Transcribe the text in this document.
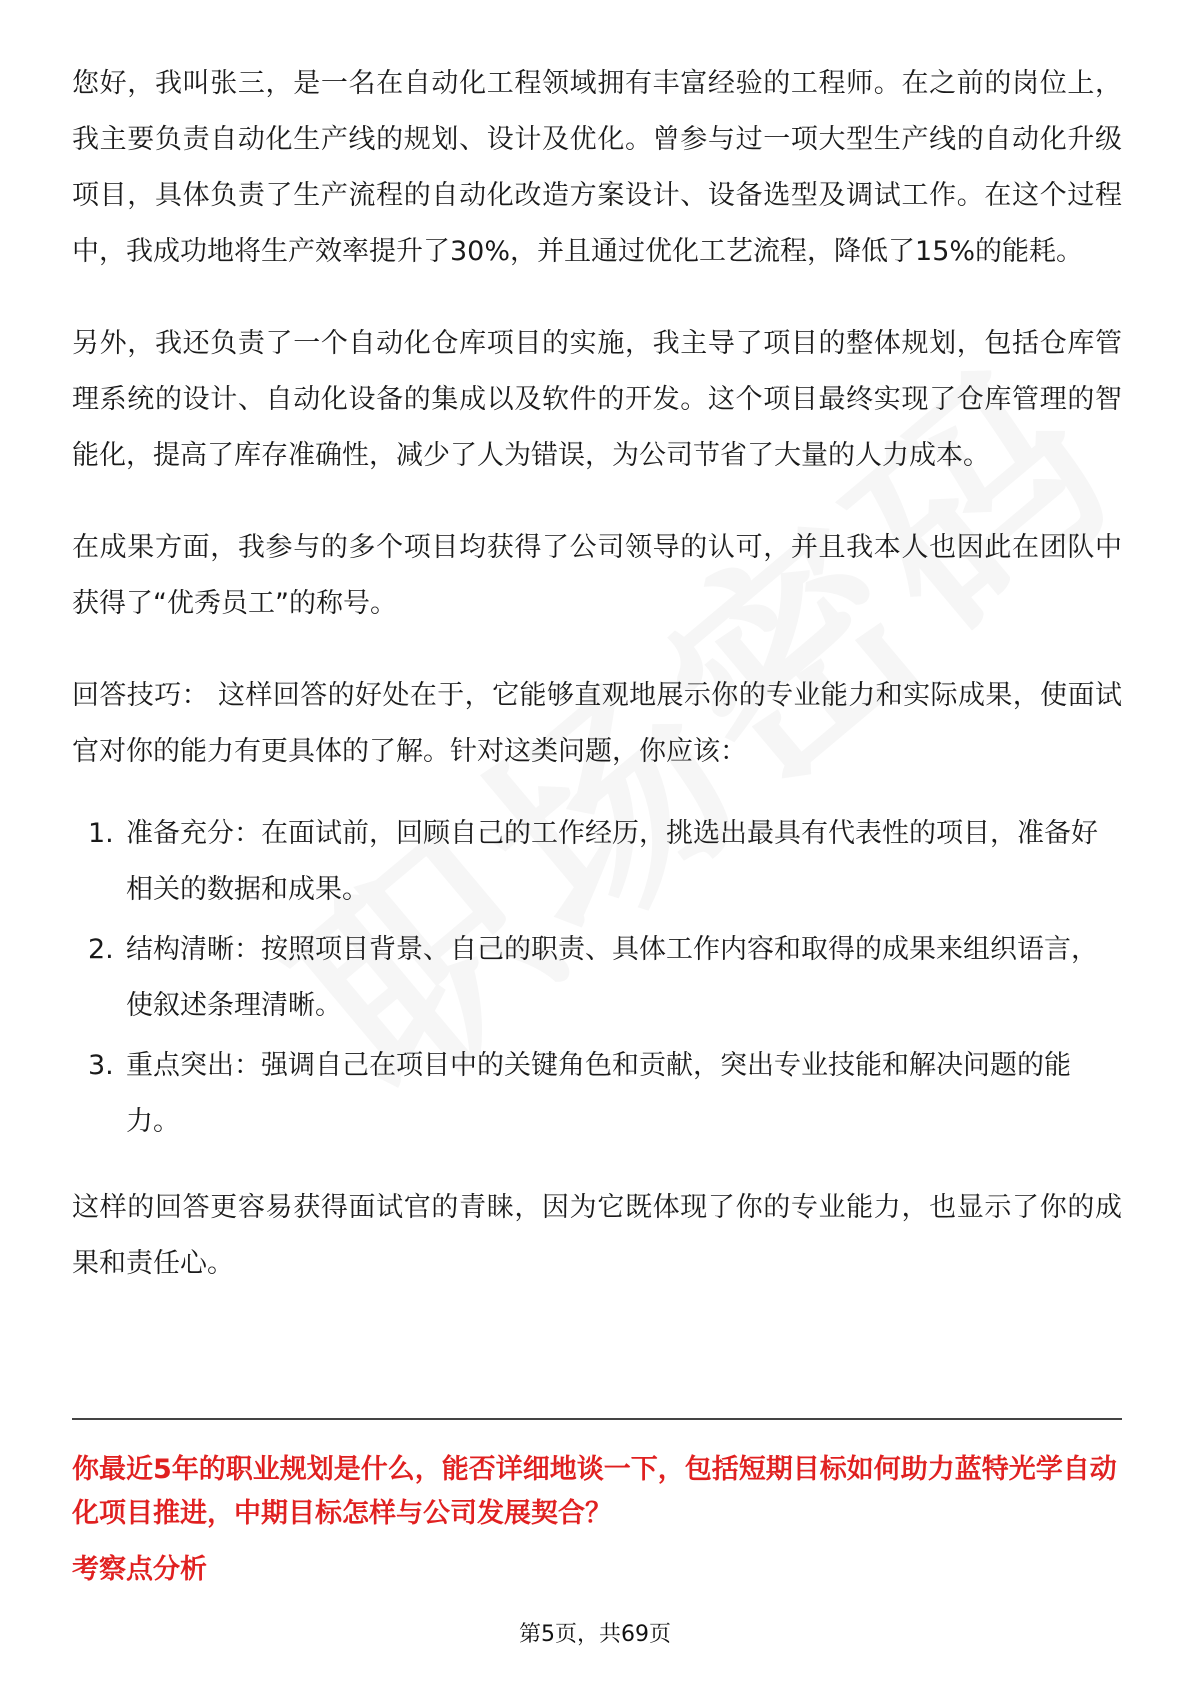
您好，我叫张三，是一名在自动化工程领域拥有丰富经验的工程师。在之前的岗位上，我主要负责自动化生产线的规划、设计及优化。曾参与过一项大型生产线的自动化升级项目，具体负责了生产流程的自动化改造方案设计、设备选型及调试工作。在这个过程中，我成功地将生产效率提升了30%，并且通过优化工艺流程，降低了15%的能耗。

另外，我还负责了一个自动化仓库项目的实施，我主导了项目的整体规划，包括仓库管理系统的设计、自动化设备的集成以及软件的开发。这个项目最终实现了仓库管理的智能化，提高了库存准确性，减少了人为错误，为公司节省了大量的人力成本。

在成果方面，我参与的多个项目均获得了公司领导的认可，并且我本人也因此在团队中获得了“优秀员工”的称号。

回答技巧： 这样回答的好处在于，它能够直观地展示你的专业能力和实际成果，使面试官对你的能力有更具体的了解。针对这类问题，你应该：

1. 准备充分：在面试前，回顾自己的工作经历，挑选出最具有代表性的项目，准备好相关的数据和成果。
2. 结构清晰：按照项目背景、自己的职责、具体工作内容和取得的成果来组织语言，使叙述条理清晰。
3. 重点突出：强调自己在项目中的关键角色和贡献，突出专业技能和解决问题的能力。

这样的回答更容易获得面试官的青睐，因为它既体现了你的专业能力，也显示了你的成果和责任心。

你最近5年的职业规划是什么，能否详细地谈一下，包括短期目标如何助力蓝特光学自动化项目推进，中期目标怎样与公司发展契合？
考察点分析
第5页，共69页
